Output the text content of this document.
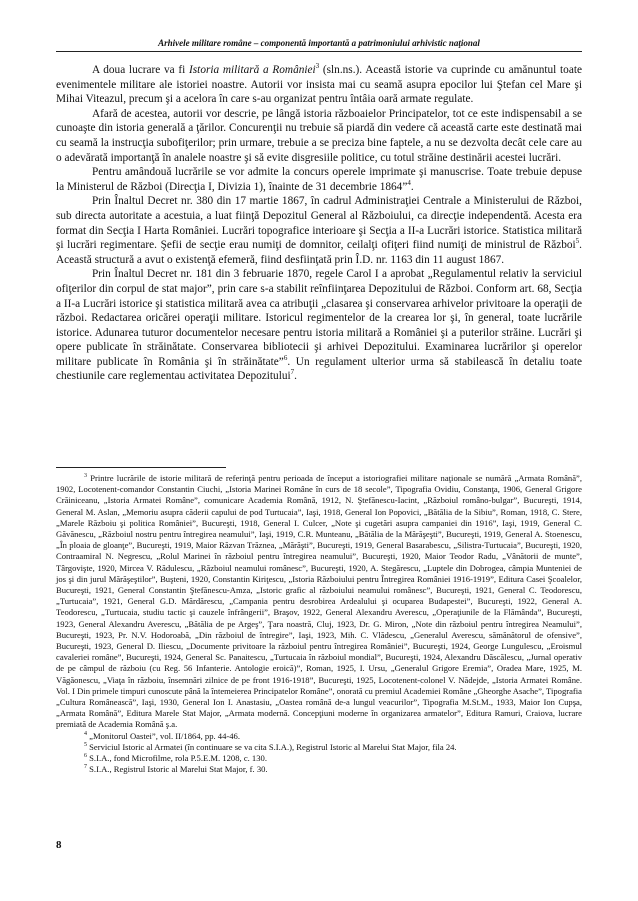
Arhivele militare române – componentă importantă a patrimoniului arhivistic naţional

A doua lucrare va fi Istoria militară a României$^3$ (sln.ns.). Această istorie va cuprinde cu amănuntul toate evenimentele militare ale istoriei noastre. Autorii vor insista mai cu seamă asupra epocilor lui Ştefan cel Mare şi Mihai Viteazul, precum şi a acelora în care s-au organizat pentru întâia oară armate regulate.

Afară de acestea, autorii vor descrie, pe lângă istoria războaielor Principatelor, tot ce este indispensabil a se cunoaşte din istoria generală a ţărilor. Concurenţii nu trebuie să piardă din vedere că această carte este destinată mai cu seamă la instrucţia subofiţerilor; prin urmare, trebuie a se preciza bine faptele, a nu se dezvolta decât cele care au o adevărată importanţă în analele noastre şi să evite disgresiile politice, cu totul străine destinării acestei lucrări.

Pentru amândouă lucrările se vor admite la concurs operele imprimate şi manuscrise. Toate trebuie depuse la Ministerul de Război (Direcţia I, Divizia 1), înainte de 31 decembrie 1864”$^4$.

Prin Înaltul Decret nr. 380 din 17 martie 1867, în cadrul Administraţiei Centrale a Ministerului de Război, sub directa autoritate a acestuia, a luat fiinţă Depozitul General al Războiului, ca direcţie independentă. Acesta era format din Secţia I Harta României. Lucrări topografice interioare şi Secţia a II-a Lucrări istorice. Statistica militară şi lucrări regimentare. Şefii de secţie erau numiţi de domnitor, ceilalţi ofiţeri fiind numiţi de ministrul de Război$^5$. Această structură a avut o existenţă efemeră, fiind desfiinţată prin Î.D. nr. 1163 din 11 august 1867.

Prin Înaltul Decret nr. 181 din 3 februarie 1870, regele Carol I a aprobat „Regulamentul relativ la serviciul ofiţerilor din corpul de stat major”, prin care s-a stabilit reînfiinţarea Depozitului de Război. Conform art. 68, Secţia a II-a Lucrări istorice şi statistica militară avea ca atribuţii „clasarea şi conservarea arhivelor privitoare la operaţii de război. Redactarea oricărei operaţii militare. Istoricul regimentelor de la crearea lor şi, în general, toate lucrările istorice. Adunarea tuturor documentelor necesare pentru istoria militară a României şi a puterilor străine. Lucrări şi opere publicate în străinătate. Conservarea bibliotecii şi arhivei Depozitului. Examinarea lucrărilor şi operelor militare publicate în România şi în străinătate”$^6$. Un regulament ulterior urma să stabilească în detaliu toate chestiunile care reglementau activitatea Depozitului$^7$.

$^3$ Printre lucrările de istorie militară de referinţă pentru perioada de început a istoriografiei militare naţionale se numără „Armata Română”, 1902, Locotenent-comandor Constantin Ciuchi, „Istoria Marinei Române în curs de 18 secole”, Tipografia Ovidiu, Constanţa, 1906, General Grigore Crăiniceanu, „Istoria Armatei Române”, comunicare Academia Română, 1912, N. Ştefănescu-Iacint, „Războiul româno-bulgar”, Bucureşti, 1914, General M. Aslan, „Memoriu asupra căderii capului de pod Turtucaia”, Iaşi, 1918, General Ion Popovici, „Bătălia de la Sibiu”, Roman, 1918, C. Stere, „Marele Războiu şi politica României”, Bucureşti, 1918, General I. Culcer, „Note şi cugetări asupra campaniei din 1916”, Iaşi, 1919, General C. Găvănescu, „Războiul nostru pentru întregirea neamului”, Iaşi, 1919, C.R. Munteanu, „Bătălia de la Mărăşeşti”, Bucureşti, 1919, General A. Stoenescu, „În ploaia de gloanţe”, Bucureşti, 1919, Maior Răzvan Trăznea, „Mărăşti”, Bucureşti, 1919, General Basarabescu, „Silistra-Turtucaia”, Bucureşti, 1920, Contraamiral N. Negrescu, „Rolul Marinei în războiul pentru întregirea neamului”, Bucureşti, 1920, Maior Teodor Radu, „Vânătorii de munte”, Târgovişte, 1920, Mircea V. Rădulescu, „Războiul neamului românesc”, Bucureşti, 1920, A. Stegărescu, „Luptele din Dobrogea, câmpia Munteniei de jos şi din jurul Mărăşeştilor”, Buşteni, 1920, Constantin Kiriţescu, „Istoria Războiului pentru Întregirea României 1916-1919”, Editura Casei Şcoalelor, Bucureşti, 1921, General Constantin Ştefănescu-Amza, „Istoric grafic al războiului neamului românesc”, Bucureşti, 1921, General C. Teodorescu, „Turtucaia”, 1921, General G.D. Mărdărescu, „Campania pentru desrobirea Ardealului şi ocuparea Budapestei”, Bucureşti, 1922, General A. Teodorescu, „Turtucaia, studiu tactic şi cauzele înfrângerii”, Braşov, 1922, General Alexandru Averescu, „Operaţiunile de la Flămânda”, Bucureşti, 1923, General Alexandru Averescu, „Bătălia de pe Argeş”, Ţara noastră, Cluj, 1923, Dr. G. Miron, „Note din războiul pentru întregirea Neamului”, Bucureşti, 1923, Pr. N.V. Hodoroabă, „Din războiul de întregire”, Iaşi, 1923, Mih. C. Vlădescu, „Generalul Averescu, sămănătorul de ofensive”, Bucureşti, 1923, General D. Iliescu, „Documente privitoare la războiul pentru întregirea României”, Bucureşti, 1924, George Lungulescu, „Eroismul cavaleriei române”, Bucureşti, 1924, General Sc. Panaitescu, „Turtucaia în războiul mondial”, Bucureşti, 1924, Alexandru Dăscălescu, „Jurnal operativ de pe câmpul de războiu (cu Reg. 56 Infanterie. Antologie eroică)”, Roman, 1925, I. Ursu, „Generalul Grigore Eremia”, Oradea Mare, 1925, M. Văgăonescu, „Viaţa în războiu, însemnări zilnice de pe front 1916-1918”, Bucureşti, 1925, Locotenent-colonel V. Nădejde, „Istoria Armatei Române. Vol. I Din primele timpuri cunoscute până la întemeierea Principatelor Române”, onorată cu premiul Academiei Române „Gheorghe Asache”, Tipografia „Cultura Românească”, Iaşi, 1930, General Ion I. Anastasiu, „Oastea română de-a lungul veacurilor”, Tipografia M.St.M., 1933, Maior Ion Cupşa, „Armata Română”, Editura Marele Stat Major, „Armata modernă. Concepţiuni moderne în organizarea armatelor”, Editura Ramuri, Craiova, lucrare premiată de Academia Română ş.a.

$^4$ „Monitorul Oastei”, vol. II/1864, pp. 44-46.

$^5$ Serviciul Istoric al Armatei (în continuare se va cita S.I.A.), Registrul Istoric al Marelui Stat Major, fila 24.

$^6$ S.I.A., fond Microfilme, rola P.5.E.M. 1208, c. 130.

$^7$ S.I.A., Registrul Istoric al Marelui Stat Major, f. 30.

8
